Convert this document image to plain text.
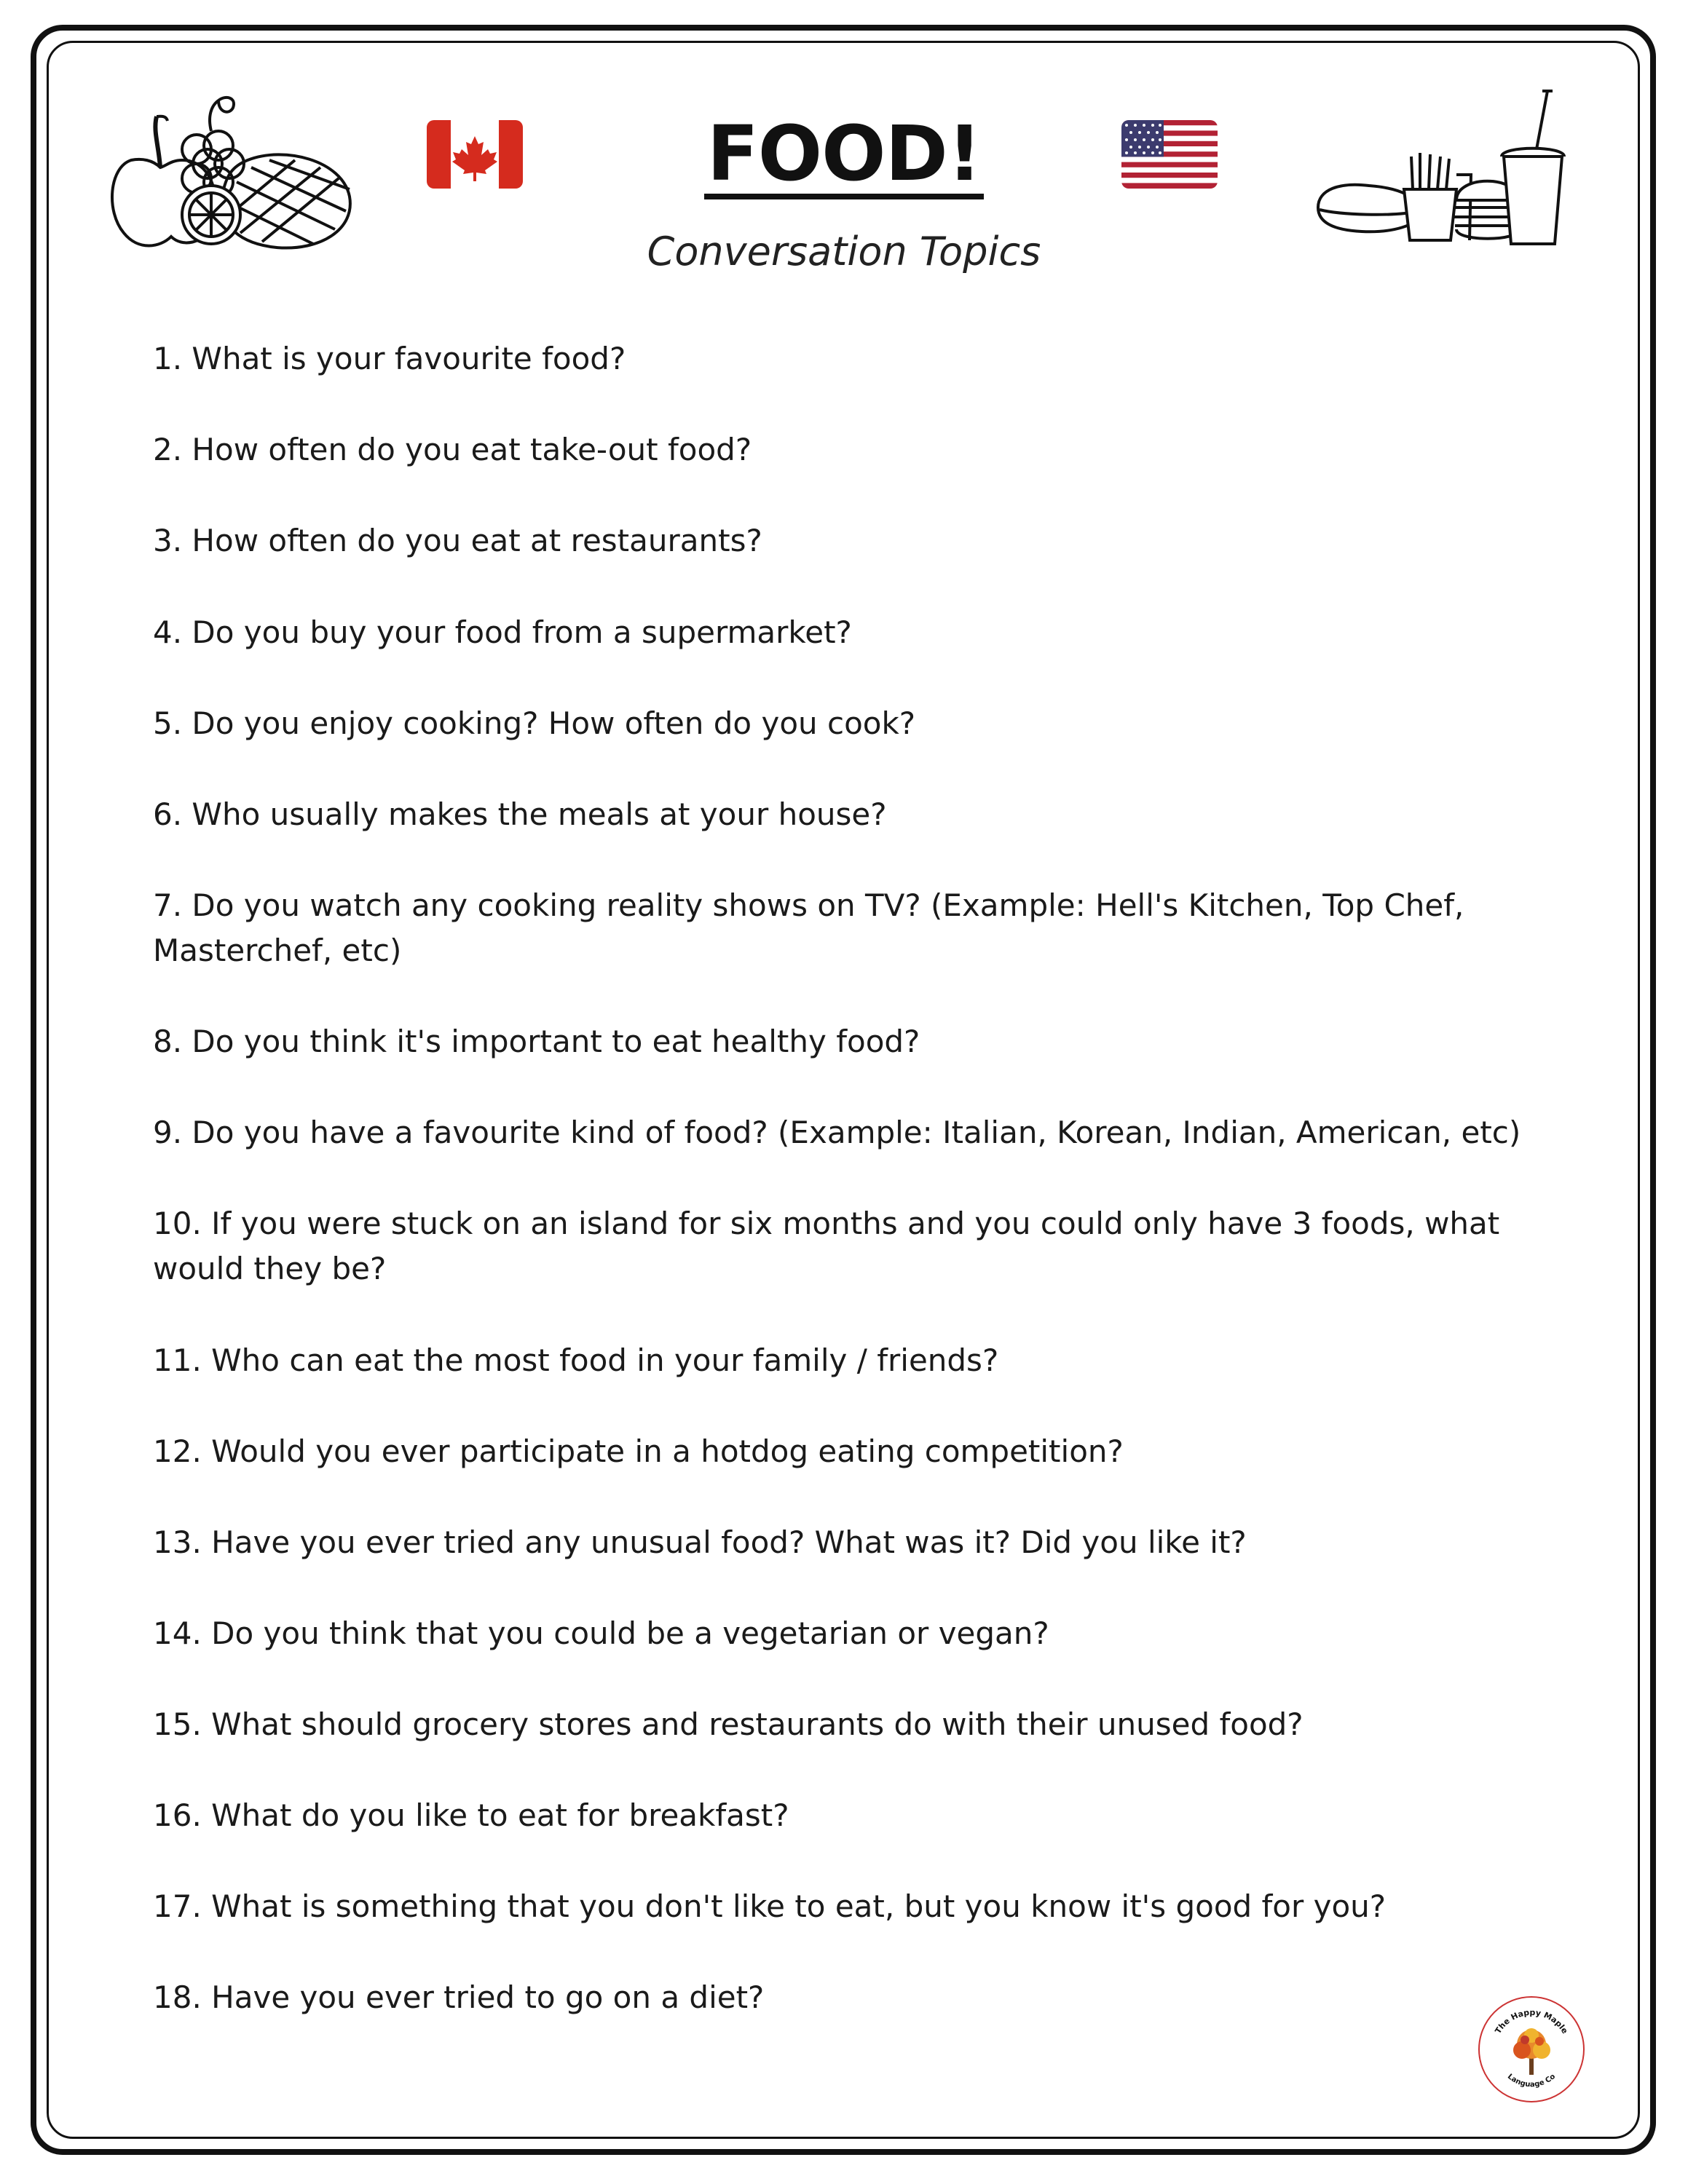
FOOD!
Conversation Topics
1. What is your favourite food?
2. How often do you eat take-out food?
3. How often do you eat at restaurants?
4. Do you buy your food from a supermarket?
5. Do you enjoy cooking? How often do you cook?
6. Who usually makes the meals at your house?
7. Do you watch any cooking reality shows on TV? (Example: Hell's Kitchen, Top Chef, Masterchef, etc)
8. Do you think it's important to eat healthy food?
9. Do you have a favourite kind of food? (Example: Italian, Korean, Indian, American, etc)
10. If you were stuck on an island for six months and you could only have 3 foods, what would they be?
11. Who can eat the most food in your family / friends?
12. Would you ever participate in a hotdog eating competition?
13. Have you ever tried any unusual food? What was it? Did you like it?
14. Do you think that you could be a vegetarian or vegan?
15. What should grocery stores and restaurants do with their unused food?
16. What do you like to eat for breakfast?
17. What is something that you don't like to eat, but you know it's good for you?
18. Have you ever tried to go on a diet?
The Happy Maple
Language Co
